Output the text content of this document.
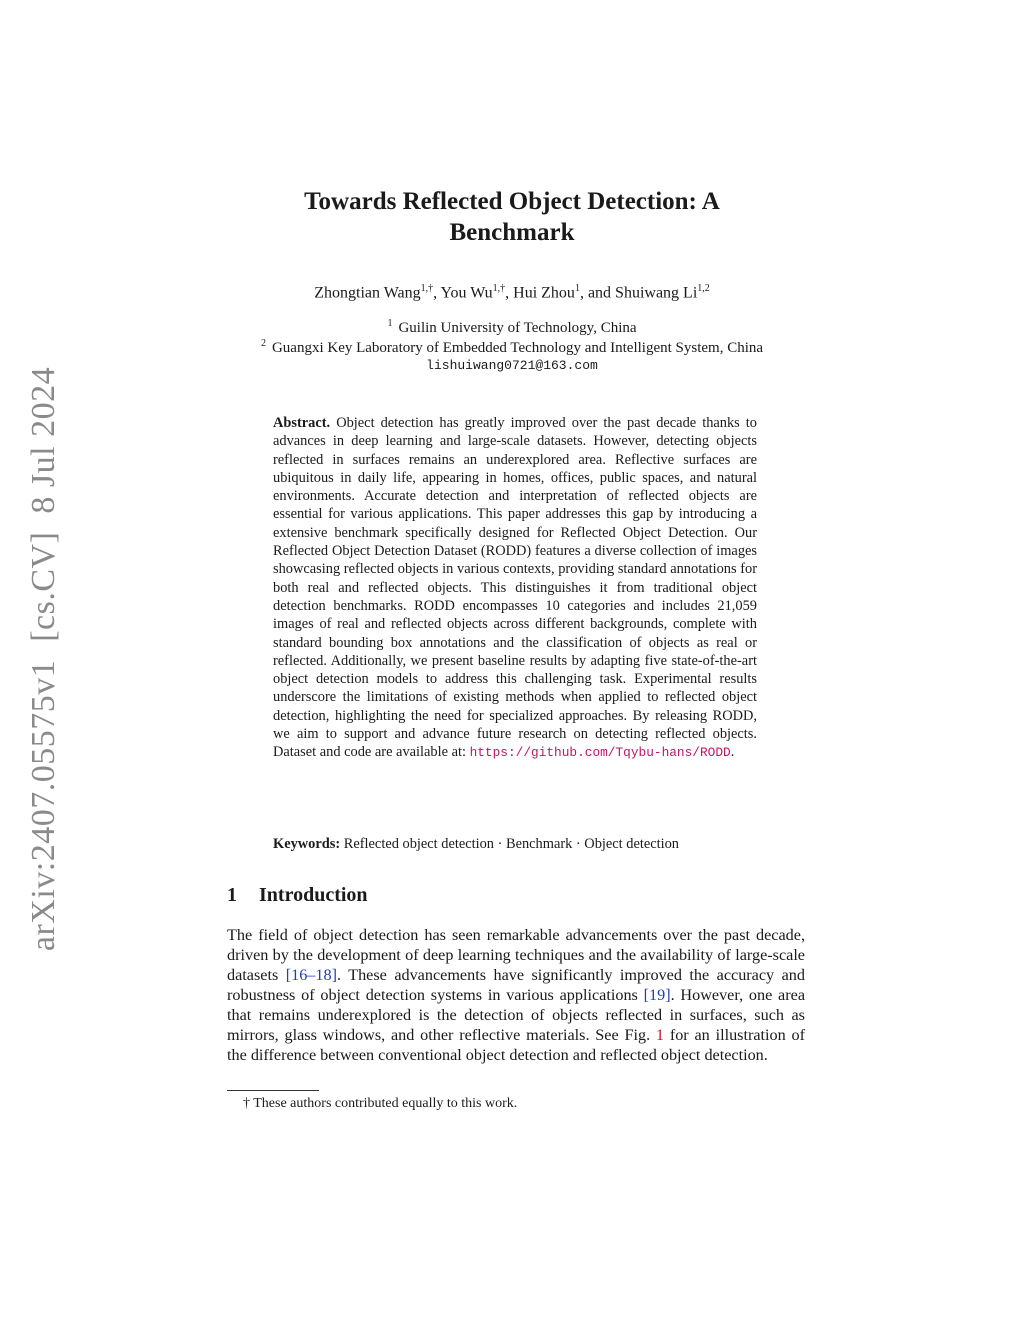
arXiv:2407.05575v1[cs.CV]8 Jul 2024
Towards Reflected Object Detection: A
Benchmark
Zhongtian Wang$^{1,\dagger}$, You $Wu^{1,\dagger}$, Hui Zhou$^1$, and Shuiwang Li$^{1,2}$
$^1$ Guilin University of Technology, China
$^2$ Guangxi Key Laboratory of Embedded Technology and Intelligent System, China
lishuiwang0721@163.com
Abstract. Object detection has greatly improved over the past decade thanks to advances in deep learning and large-scale datasets. However, detecting objects reflected in surfaces remains an underexplored area. Reflective surfaces are ubiquitous in daily life, appearing in homes, offices, public spaces, and natural environments. Accurate detection and interpretation of reflected objects are essential for various applications. This paper addresses this gap by introducing a extensive benchmark specifically designed for Reflected Object Detection. Our Reflected Object Detection Dataset (RODD) features a diverse collection of images showcasing reflected objects in various contexts, providing standard annotations for both real and reflected objects. This distinguishes it from traditional object detection benchmarks. RODD encompasses 10 categories and includes 21,059 images of real and reflected objects across different backgrounds, complete with standard bounding box annotations and the classification of objects as real or reflected. Additionally, we present baseline results by adapting five state-of-the-art object detection models to address this challenging task. Experimental results underscore the limitations of existing methods when applied to reflected object detection, highlighting the need for specialized approaches. By releasing RODD, we aim to support and advance future research on detecting reflected objects. Dataset and code are available at: https://github.com/Tqybu-hans/RODD.
Keywords: Reflected object detection · Benchmark · Object detection
1 Introduction
The field of object detection has seen remarkable advancements over the past decade, driven by the development of deep learning techniques and the availability of large-scale datasets [16–18]. These advancements have significantly improved the accuracy and robustness of object detection systems in various applications [19]. However, one area that remains underexplored is the detection of objects reflected in surfaces, such as mirrors, glass windows, and other reflective materials. See Fig. 1 for an illustration of the difference between conventional object detection and reflected object detection.
† These authors contributed equally to this work.
